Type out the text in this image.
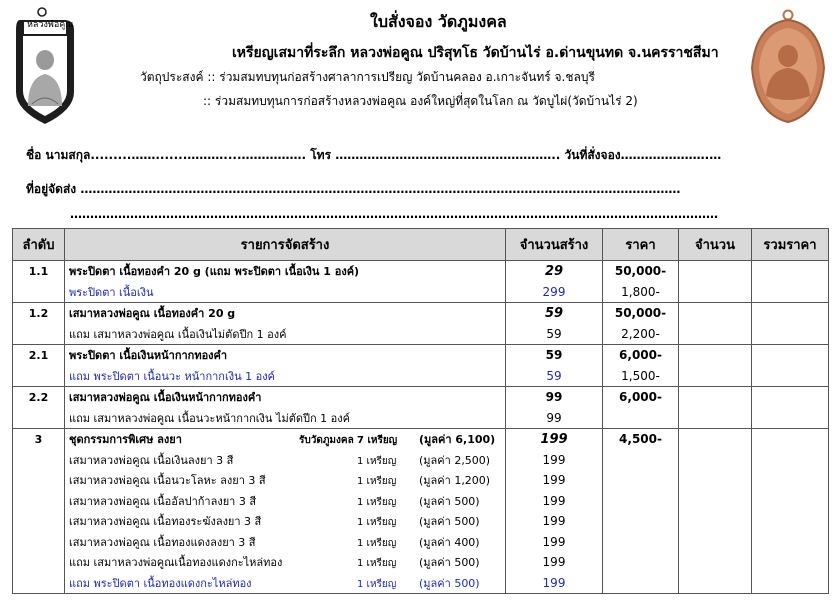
หลวงพ่อคูณ	ใบสั่งจอง วัดภูมงคล
เหรียญเสมาที่ระลึก หลวงพ่อคูณ ปริสุทโธ วัดบ้านไร่ อ.ด่านขุนทด จ.นครราชสีมา
วัตถุประสงค์ :: ร่วมสมทบทุนก่อสร้างศาลาการเปรียญ วัดบ้านคลอง อ.เกาะจันทร์ จ.ชลบุรี
:: ร่วมสมทบทุนการก่อสร้างหลวงพ่อคูณ องค์ใหญ่ที่สุดในโลก ณ วัดบูไผ่(วัดบ้านไร่ 2)
ชื่อ นามสกุล.........…….......………....……………. โทร ……………………………………………….. วันที่สั่งจอง………………….…
ที่อยู่จัดส่ง ……………………………………………………………………………………………………………………………………
………………………………………………………………………………………………………………………………………………
ลำดับ	รายการจัดสร้าง	จำนวนสร้าง	ราคา	จำนวน	รวมราคา
1.1	พระปิดตา เนื้อทองคำ 20 g (แถม พระปิดตา เนื้อเงิน 1 องค์)	29	50,000-		
	พระปิดตา เนื้อเงิน	299	1,800-		
1.2	เสมาหลวงพ่อคูณ เนื้อทองคำ 20 g	59	50,000-		
	แถม เสมาหลวงพ่อคูณ เนื้อเงินไม่ตัดปีก 1 องค์	59	2,200-		
2.1	พระปิดตา เนื้อเงินหน้ากากทองคำ	59	6,000-		
	แถม พระปิดตา เนื้อนวะ หน้ากากเงิน 1 องค์	59	1,500-		
2.2	เสมาหลวงพ่อคูณ เนื้อเงินหน้ากากทองคำ	99	6,000-		
	แถม เสมาหลวงพ่อคูณ เนื้อนวะหน้ากากเงิน ไม่ตัดปีก 1 องค์	99			
3	ชุดกรรมการพิเศษ ลงยา รับวัดภูมงคล 7 เหรียญ (มูลค่า 6,100)	199	4,500-		
	เสมาหลวงพ่อคูณ เนื้อเงินลงยา 3 สี 1 เหรียญ (มูลค่า 2,500)	199			
	เสมาหลวงพ่อคูณ เนื้อนวะโลหะ ลงยา 3 สี 1 เหรียญ (มูลค่า 1,200)	199			
	เสมาหลวงพ่อคูณ เนื้ออัลปาก้าลงยา 3 สี 1 เหรียญ (มูลค่า 500)	199			
	เสมาหลวงพ่อคูณ เนื้อทองระฆังลงยา 3 สี 1 เหรียญ (มูลค่า 500)	199			
	เสมาหลวงพ่อคูณ เนื้อทองแดงลงยา 3 สี 1 เหรียญ (มูลค่า 400)	199			
	แถม เสมาหลวงพ่อคูณเนื้อทองแดงกะไหล่ทอง 1 เหรียญ (มูลค่า 500)	199			
	แถม พระปิดตา เนื้อทองแดงกะไหล่ทอง 1 เหรียญ (มูลค่า 500)	199			
